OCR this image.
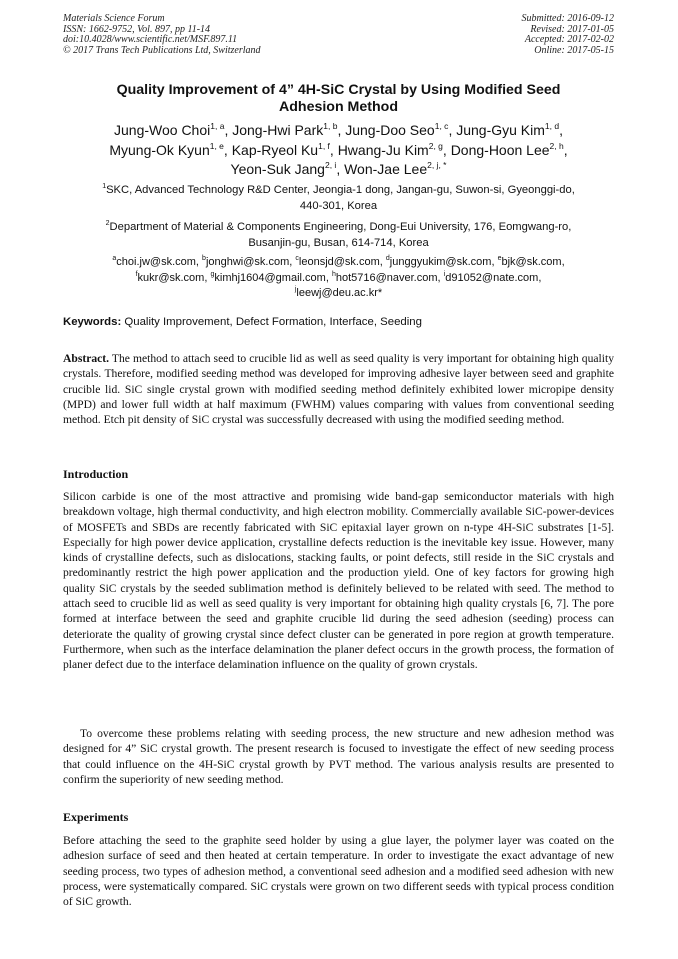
Materials Science Forum
ISSN: 1662-9752, Vol. 897, pp 11-14
doi:10.4028/www.scientific.net/MSF.897.11
© 2017 Trans Tech Publications Ltd, Switzerland
Submitted: 2016-09-12
Revised: 2017-01-05
Accepted: 2017-02-02
Online: 2017-05-15
Quality Improvement of 4” 4H-SiC Crystal by Using Modified Seed
Adhesion Method
Jung-Woo Choi$^{1, a}$, Jong-Hwi Park$^{1, b}$, Jung-Doo Seo$^{1, c}$, Jung-Gyu Kim$^{1, d}$,
Myung-Ok Kyun$^{1, e}$, Kap-Ryeol Ku$^{1, f}$, Hwang-Ju Kim$^{2, g}$, Dong-Hoon Lee$^{2, h}$,
Yeon-Suk Jang$^{2, i}$, Won-Jae Lee$^{2, j, *}$
$^1$SKC, Advanced Technology R&D Center, Jeongia-1 dong, Jangan-gu, Suwon-si, Gyeonggi-do,
440-301, Korea
$^2$Department of Material & Components Engineering, Dong-Eui University, 176, Eomgwang-ro,
Busanjin-gu, Busan, 614-714, Korea
$^a$choi.jw@sk.com, $^b$jonghwi@sk.com, $^c$leonsjd@sk.com, $^d$junggyukim@sk.com, $^e$bjk@sk.com,
$^f$kukr@sk.com, $^g$kimhj1604@gmail.com, $^h$hot5716@naver.com, $^i$d91052@nate.com,
$^j$leewj@deu.ac.kr*
Keywords: Quality Improvement, Defect Formation, Interface, Seeding
Abstract. The method to attach seed to crucible lid as well as seed quality is very important for obtaining high quality crystals. Therefore, modified seeding method was developed for improving adhesive layer between seed and graphite crucible lid. SiC single crystal grown with modified seeding method definitely exhibited lower micropipe density (MPD) and lower full width at half maximum (FWHM) values comparing with values from conventional seeding method. Etch pit density of SiC crystal was successfully decreased with using the modified seeding method.
Introduction
Silicon carbide is one of the most attractive and promising wide band-gap semiconductor materials with high breakdown voltage, high thermal conductivity, and high electron mobility. Commercially available SiC-power-devices of MOSFETs and SBDs are recently fabricated with SiC epitaxial layer grown on n-type 4H-SiC substrates [1-5]. Especially for high power device application, crystalline defects reduction is the inevitable key issue. However, many kinds of crystalline defects, such as dislocations, stacking faults, or point defects, still reside in the SiC crystals and predominantly restrict the high power application and the production yield. One of key factors for growing high quality SiC crystals by the seeded sublimation method is definitely believed to be related with seed. The method to attach seed to crucible lid as well as seed quality is very important for obtaining high quality crystals [6, 7]. The pore formed at interface between the seed and graphite crucible lid during the seed adhesion (seeding) process can deteriorate the quality of growing crystal since defect cluster can be generated in pore region at growth temperature. Furthermore, when such as the interface delamination the planer defect occurs in the growth process, the formation of planer defect due to the interface delamination influence on the quality of grown crystals.
To overcome these problems relating with seeding process, the new structure and new adhesion method was designed for 4” SiC crystal growth. The present research is focused to investigate the effect of new seeding process that could influence on the 4H-SiC crystal growth by PVT method. The various analysis results are presented to confirm the superiority of new seeding method.
Experiments
Before attaching the seed to the graphite seed holder by using a glue layer, the polymer layer was coated on the adhesion surface of seed and then heated at certain temperature. In order to investigate the exact advantage of new seeding process, two types of adhesion method, a conventional seed adhesion and a modified seed adhesion with new process, were systematically compared. SiC crystals were grown on two different seeds with typical process condition of SiC growth.
